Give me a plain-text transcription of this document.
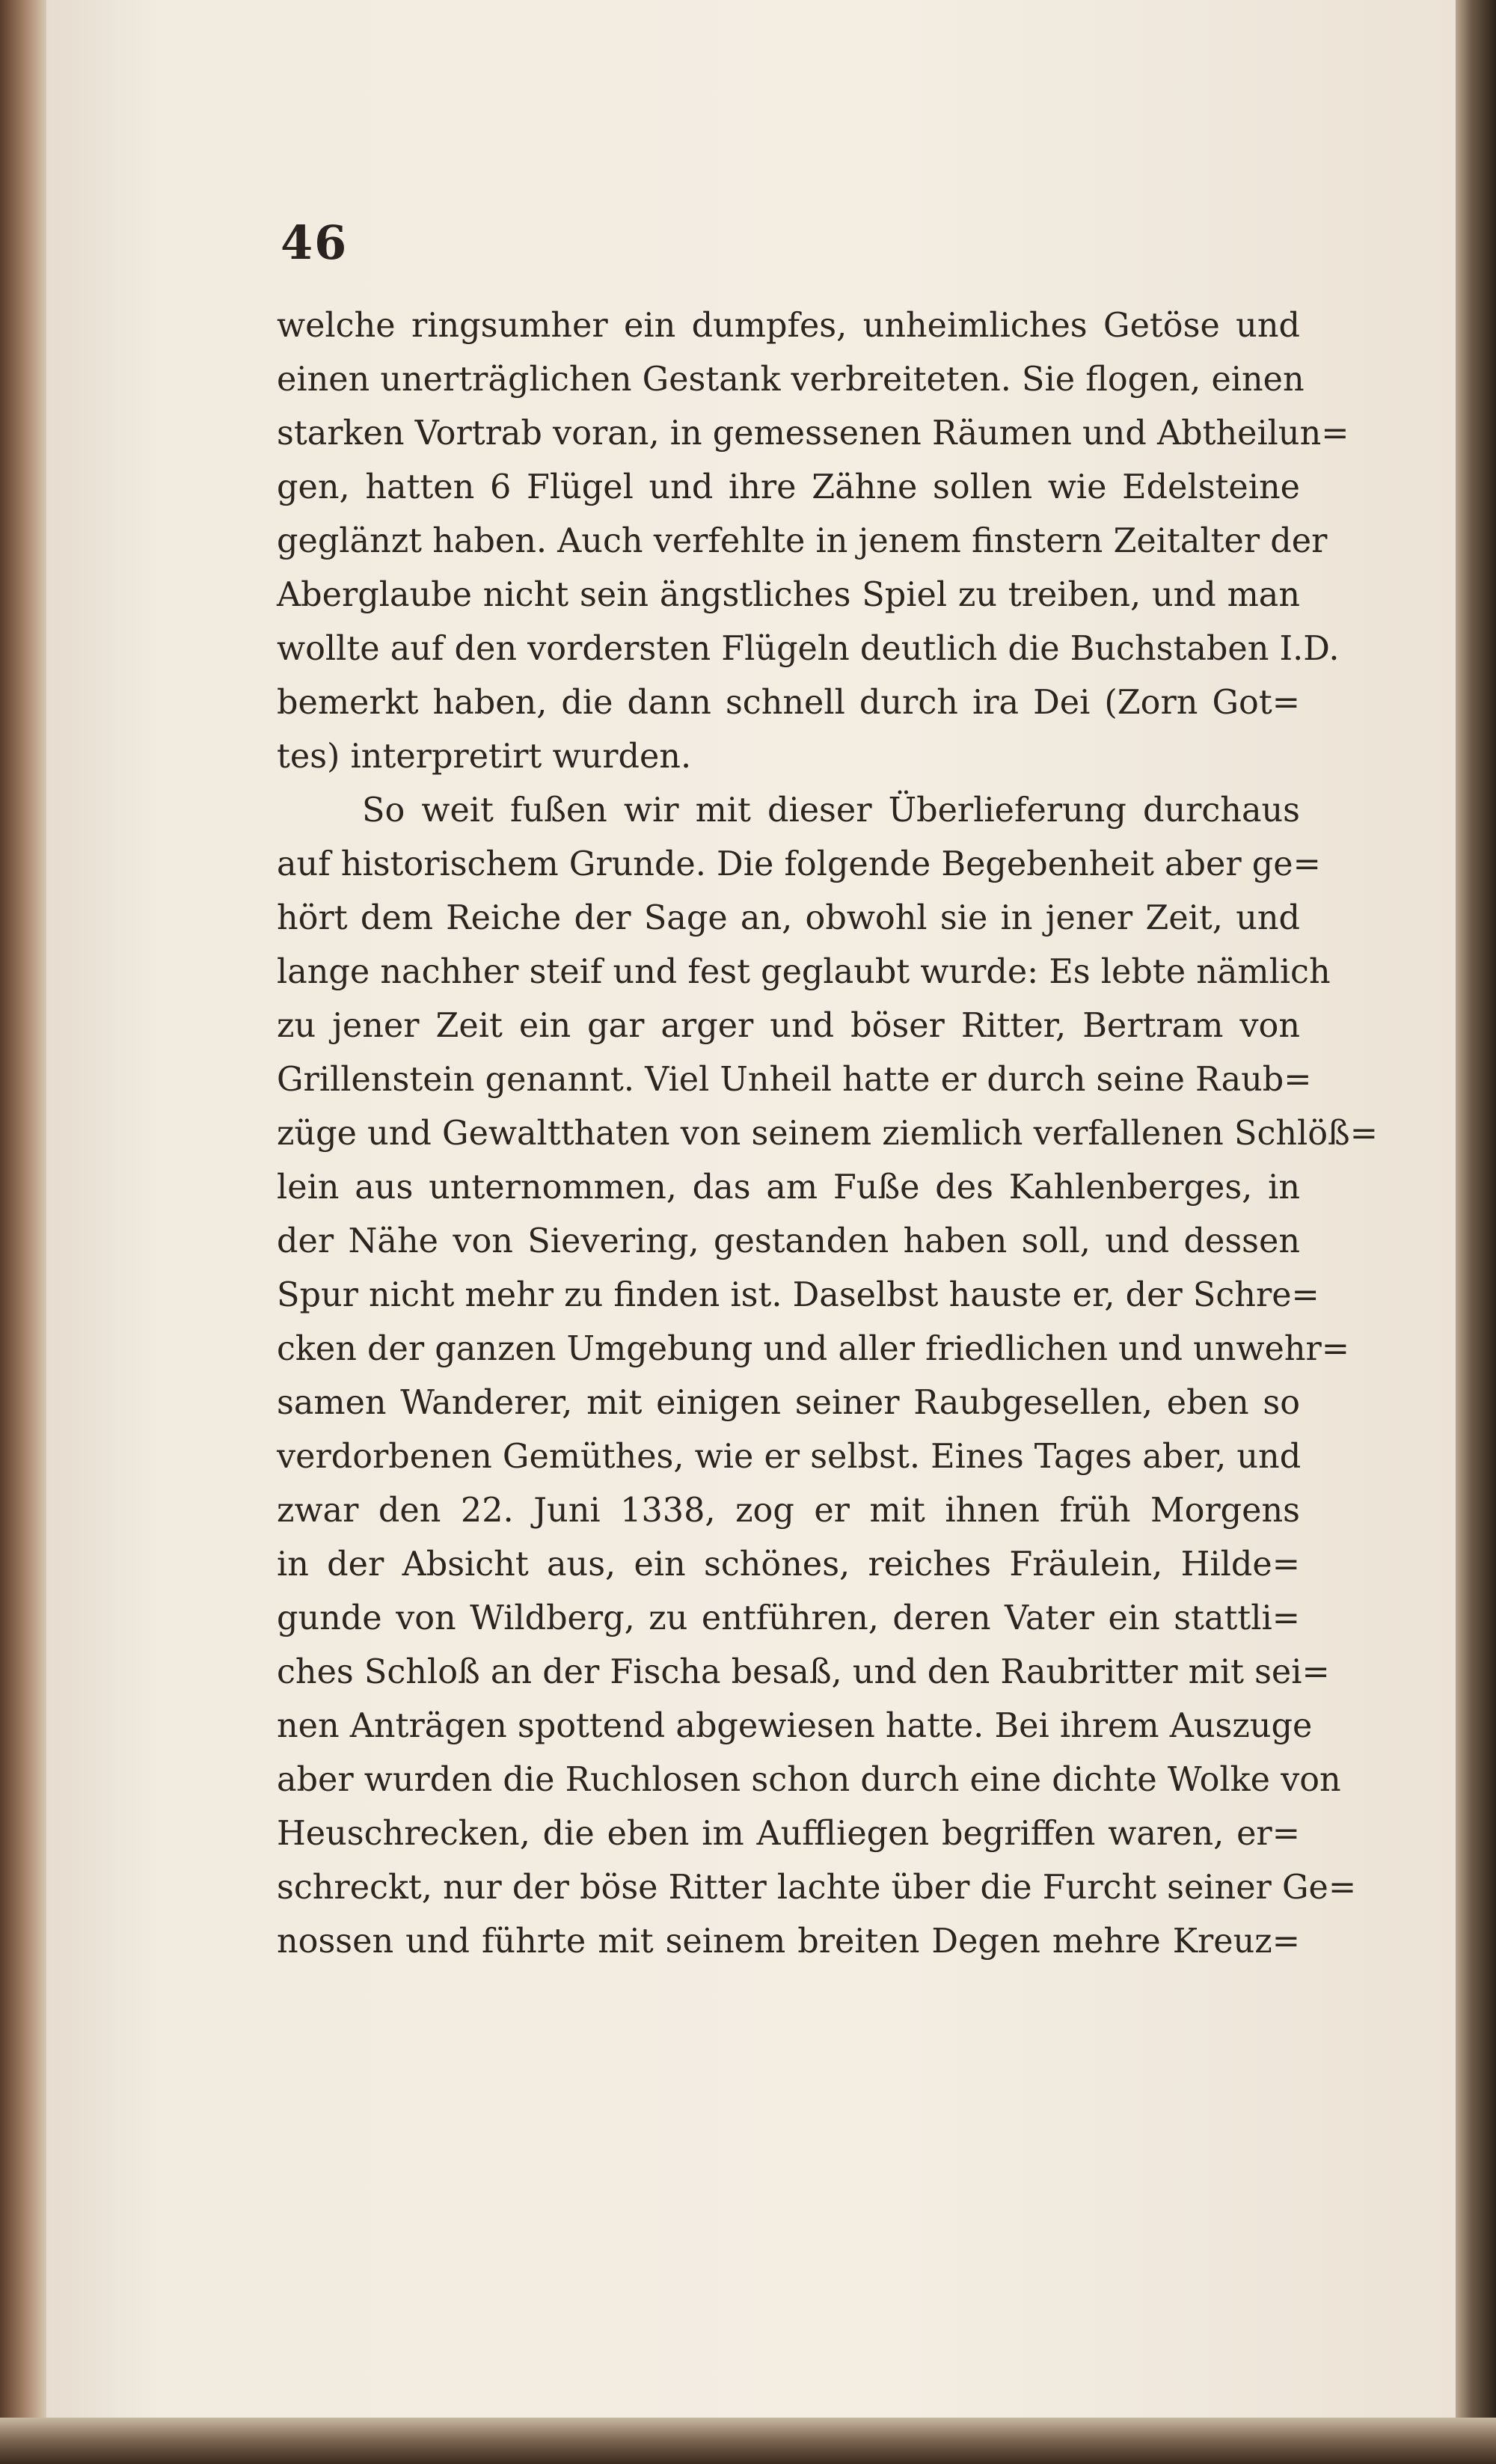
46
welche ringsumher ein dumpfes, unheimliches Getöse und
einen unerträglichen Gestank verbreiteten. Sie flogen, einen
starken Vortrab voran, in gemessenen Räumen und Abtheilun=
gen, hatten 6 Flügel und ihre Zähne sollen wie Edelsteine
geglänzt haben. Auch verfehlte in jenem finstern Zeitalter der
Aberglaube nicht sein ängstliches Spiel zu treiben, und man
wollte auf den vordersten Flügeln deutlich die Buchstaben I.D.
bemerkt haben, die dann schnell durch ira Dei (Zorn Got=
tes) interpretirt wurden.
So weit fußen wir mit dieser Überlieferung durchaus
auf historischem Grunde. Die folgende Begebenheit aber ge=
hört dem Reiche der Sage an, obwohl sie in jener Zeit, und
lange nachher steif und fest geglaubt wurde: Es lebte nämlich
zu jener Zeit ein gar arger und böser Ritter, Bertram von
Grillenstein genannt. Viel Unheil hatte er durch seine Raub=
züge und Gewaltthaten von seinem ziemlich verfallenen Schlöß=
lein aus unternommen, das am Fuße des Kahlenberges, in
der Nähe von Sievering, gestanden haben soll, und dessen
Spur nicht mehr zu finden ist. Daselbst hauste er, der Schre=
cken der ganzen Umgebung und aller friedlichen und unwehr=
samen Wanderer, mit einigen seiner Raubgesellen, eben so
verdorbenen Gemüthes, wie er selbst. Eines Tages aber, und
zwar den 22. Juni 1338, zog er mit ihnen früh Morgens
in der Absicht aus, ein schönes, reiches Fräulein, Hilde=
gunde von Wildberg, zu entführen, deren Vater ein stattli=
ches Schloß an der Fischa besaß, und den Raubritter mit sei=
nen Anträgen spottend abgewiesen hatte. Bei ihrem Auszuge
aber wurden die Ruchlosen schon durch eine dichte Wolke von
Heuschrecken, die eben im Auffliegen begriffen waren, er=
schreckt, nur der böse Ritter lachte über die Furcht seiner Ge=
nossen und führte mit seinem breiten Degen mehre Kreuz=
